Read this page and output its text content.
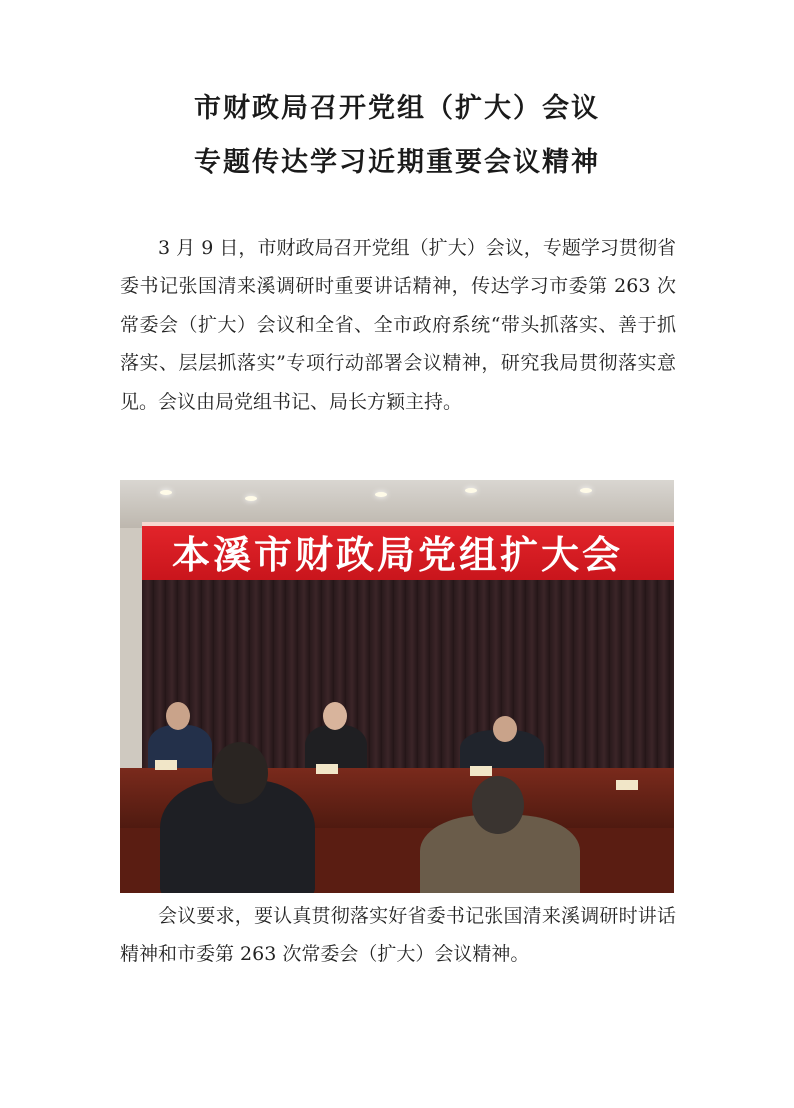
市财政局召开党组（扩大）会议
专题传达学习近期重要会议精神

3 月 9 日，市财政局召开党组（扩大）会议，专题学习贯彻省委书记张国清来溪调研时重要讲话精神，传达学习市委第 263 次常委会（扩大）会议和全省、全市政府系统“带头抓落实、善于抓落实、层层抓落实”专项行动部署会议精神，研究我局贯彻落实意见。会议由局党组书记、局长方颖主持。

本溪市财政局党组扩大会

会议要求，要认真贯彻落实好省委书记张国清来溪调研时讲话精神和市委第 263 次常委会（扩大）会议精神。
